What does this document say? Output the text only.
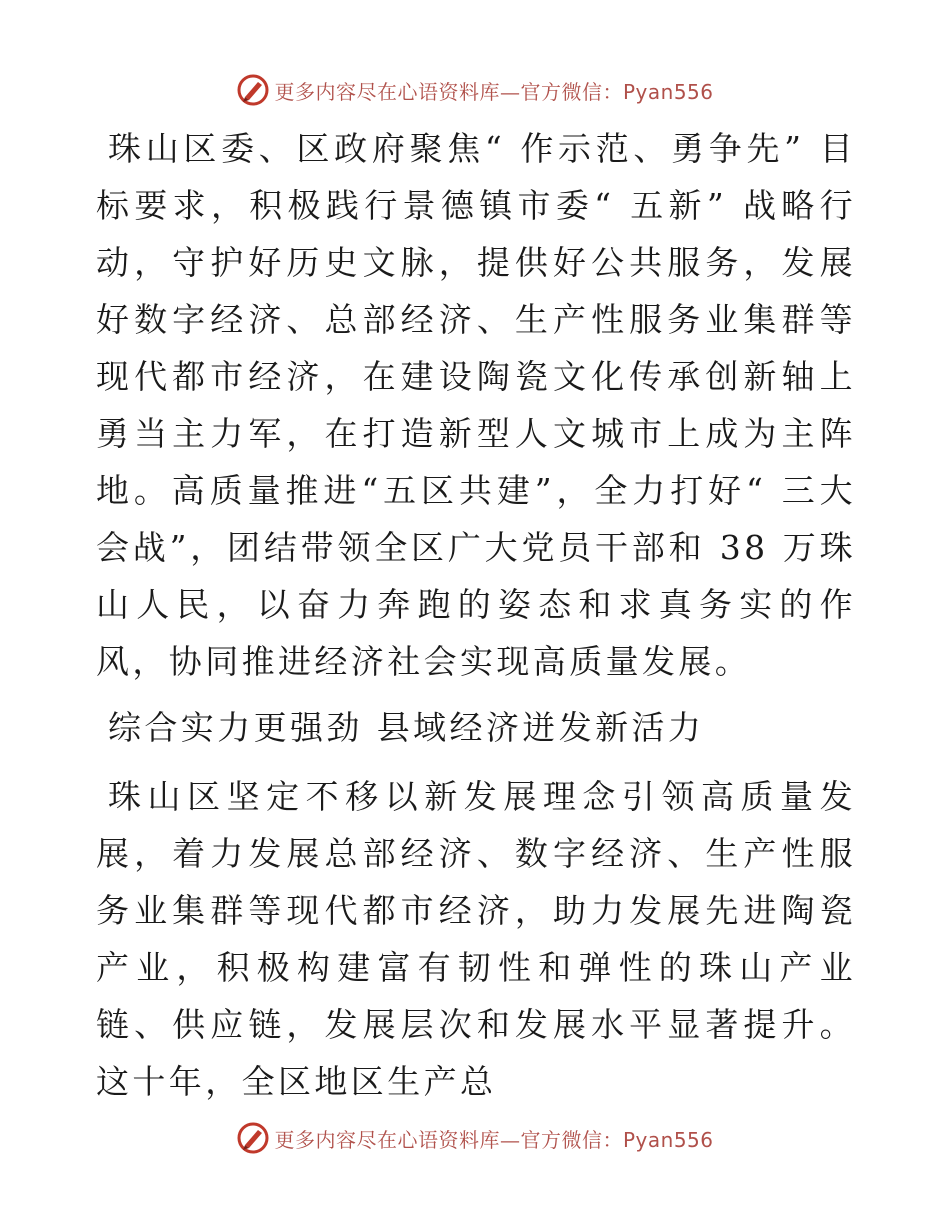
更多内容尽在心语资料库—官方微信：Pyan556

珠山区委、区政府聚焦“ 作示范、勇争先” 目标要求，积极践行景德镇市委“ 五新” 战略行动，守护好历史文脉，提供好公共服务，发展好数字经济、总部经济、生产性服务业集群等现代都市经济，在建设陶瓷文化传承创新轴上勇当主力军，在打造新型人文城市上成为主阵地。高质量推进“五区共建”，全力打好“ 三大会战”，团结带领全区广大党员干部和 38 万珠山人民，以奋力奔跑的姿态和求真务实的作风，协同推进经济社会实现高质量发展。

综合实力更强劲 县域经济迸发新活力

珠山区坚定不移以新发展理念引领高质量发展，着力发展总部经济、数字经济、生产性服务业集群等现代都市经济，助力发展先进陶瓷产业，积极构建富有韧性和弹性的珠山产业链、供应链，发展层次和发展水平显著提升。这十年，全区地区生产总

更多内容尽在心语资料库—官方微信：Pyan556
